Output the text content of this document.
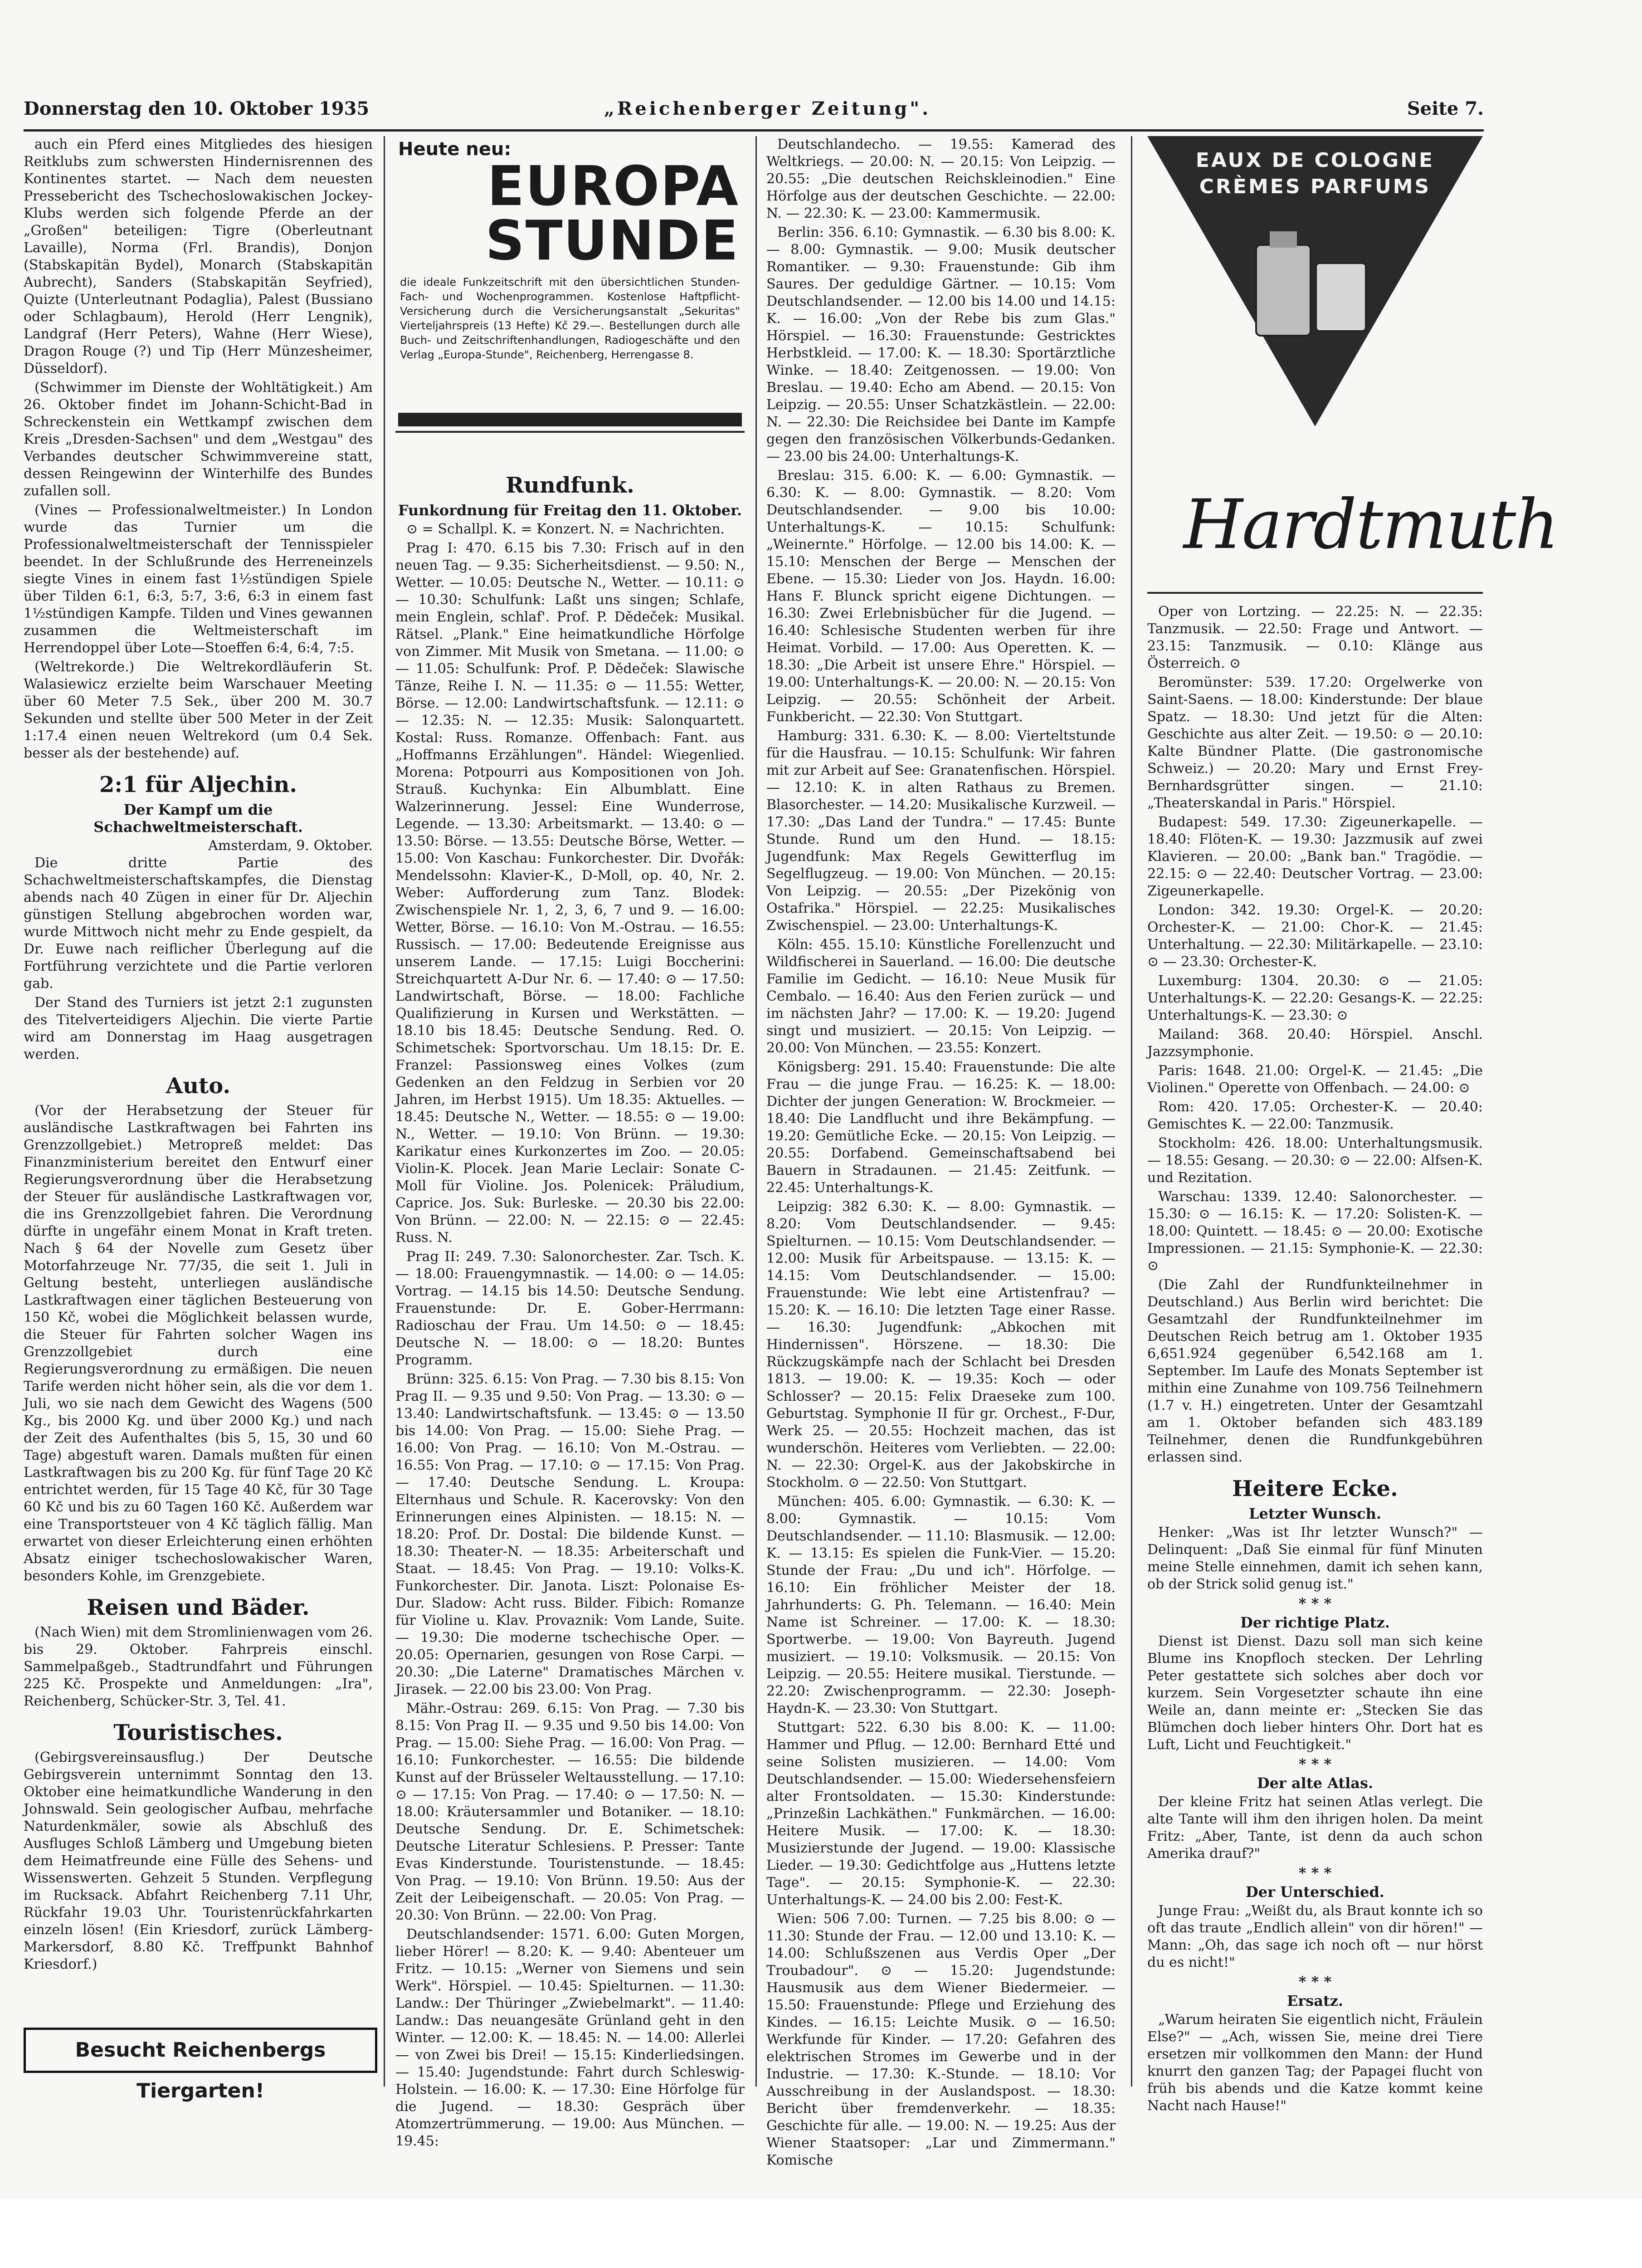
Donnerstag den 10. Oktober 1935	„Reichenberger Zeitung".	Seite 7.

auch ein Pferd eines Mitgliedes des hiesigen Reitklubs zum schwersten Hindernisrennen des Kontinentes startet. — Nach dem neuesten Pressebericht des Tschechoslowakischen Jockey-Klubs werden sich folgende Pferde an der „Großen" beteiligen: Tigre (Oberleutnant Lavaille), Norma (Frl. Brandis), Donjon (Stabskapitän Bydel), Monarch (Stabskapitän Aubrecht), Sanders (Stabskapitän Seyfried), Quizte (Unterleutnant Podaglia), Palest (Bussiano oder Schlagbaum), Herold (Herr Lengnik), Landgraf (Herr Peters), Wahne (Herr Wiese), Dragon Rouge (?) und Tip (Herr Münzesheimer, Düsseldorf).

(Schwimmer im Dienste der Wohltätigkeit.) Am 26. Oktober findet im Johann-Schicht-Bad in Schreckenstein ein Wettkampf zwischen dem Kreis „Dresden-Sachsen" und dem „Westgau" des Verbandes deutscher Schwimmvereine statt, dessen Reingewinn der Winterhilfe des Bundes zufallen soll.

(Vines — Professionalweltmeister.) In London wurde das Turnier um die Professionalweltmeisterschaft der Tennisspieler beendet. In der Schlußrunde des Herreneinzels siegte Vines in einem fast 1½stündigen Spiele über Tilden 6:1, 6:3, 5:7, 3:6, 6:3 in einem fast 1½stündigen Kampfe. Tilden und Vines gewannen zusammen die Weltmeisterschaft im Herrendoppel über Lote—Stoeffen 6:4, 6:4, 7:5.

(Weltrekorde.) Die Weltrekordläuferin St. Walasiewicz erzielte beim Warschauer Meeting über 60 Meter 7.5 Sek., über 200 M. 30.7 Sekunden und stellte über 500 Meter in der Zeit 1:17.4 einen neuen Weltrekord (um 0.4 Sek. besser als der bestehende) auf.

2:1 für Aljechin.
Der Kampf um die Schachweltmeisterschaft.

Amsterdam, 9. Oktober.

Die dritte Partie des Schachweltmeisterschaftskampfes, die Dienstag abends nach 40 Zügen in einer für Dr. Aljechin günstigen Stellung abgebrochen worden war, wurde Mittwoch nicht mehr zu Ende gespielt, da Dr. Euwe nach reiflicher Überlegung auf die Fortführung verzichtete und die Partie verloren gab.

Der Stand des Turniers ist jetzt 2:1 zugunsten des Titelverteidigers Aljechin. Die vierte Partie wird am Donnerstag im Haag ausgetragen werden.

Auto.

(Vor der Herabsetzung der Steuer für ausländische Lastkraftwagen bei Fahrten ins Grenzzollgebiet.) Metropreß meldet: Das Finanzministerium bereitet den Entwurf einer Regierungsverordnung über die Herabsetzung der Steuer für ausländische Lastkraftwagen vor, die ins Grenzzollgebiet fahren. Die Verordnung dürfte in ungefähr einem Monat in Kraft treten. Nach § 64 der Novelle zum Gesetz über Motorfahrzeuge Nr. 77/35, die seit 1. Juli in Geltung besteht, unterliegen ausländische Lastkraftwagen einer täglichen Besteuerung von 150 Kč, wobei die Möglichkeit belassen wurde, die Steuer für Fahrten solcher Wagen ins Grenzzollgebiet durch eine Regierungsverordnung zu ermäßigen. Die neuen Tarife werden nicht höher sein, als die vor dem 1. Juli, wo sie nach dem Gewicht des Wagens (500 Kg., bis 2000 Kg. und über 2000 Kg.) und nach der Zeit des Aufenthaltes (bis 5, 15, 30 und 60 Tage) abgestuft waren. Damals mußten für einen Lastkraftwagen bis zu 200 Kg. für fünf Tage 20 Kč entrichtet werden, für 15 Tage 40 Kč, für 30 Tage 60 Kč und bis zu 60 Tagen 160 Kč. Außerdem war eine Transportsteuer von 4 Kč täglich fällig. Man erwartet von dieser Erleichterung einen erhöhten Absatz einiger tschechoslowakischer Waren, besonders Kohle, im Grenzgebiete.

Reisen und Bäder.

(Nach Wien) mit dem Stromlinienwagen vom 26. bis 29. Oktober. Fahrpreis einschl. Sammelpaßgeb., Stadtrundfahrt und Führungen 225 Kč. Prospekte und Anmeldungen: „Ira", Reichenberg, Schücker-Str. 3, Tel. 41.

Touristisches.

(Gebirgsvereinsausflug.) Der Deutsche Gebirgsverein unternimmt Sonntag den 13. Oktober eine heimatkundliche Wanderung in den Johnswald. Sein geologischer Aufbau, mehrfache Naturdenkmäler, sowie als Abschluß des Ausfluges Schloß Lämberg und Umgebung bieten dem Heimatfreunde eine Fülle des Sehens- und Wissenswerten. Gehzeit 5 Stunden. Verpflegung im Rucksack. Abfahrt Reichenberg 7.11 Uhr, Rückfahr 19.03 Uhr. Touristenrückfahrkarten einzeln lösen! (Ein Kriesdorf, zurück Lämberg-Markersdorf, 8.80 Kč. Treffpunkt Bahnhof Kriesdorf.)

Besucht Reichenbergs Tiergarten!
Heute neu:
EUROPA
STUNDE
die ideale Funkzeitschrift mit den übersichtlichen Stunden-Fach- und Wochenprogrammen. Kostenlose Haftpflicht-Versicherung durch die Versicherungsanstalt „Sekuritas" Vierteljahrspreis (13 Hefte) Kč 29.—. Bestellungen durch alle Buch- und Zeitschriftenhandlungen, Radiogeschäfte und den Verlag „Europa-Stunde", Reichenberg, Herrengasse 8.
Rundfunk.
Funkordnung für Freitag den 11. Oktober.

⊙ = Schallpl. K. = Konzert. N. = Nachrichten.

Prag I: 470. 6.15 bis 7.30: Frisch auf in den neuen Tag. — 9.35: Sicherheitsdienst. — 9.50: N., Wetter. — 10.05: Deutsche N., Wetter. — 10.11: ⊙ — 10.30: Schulfunk: Laßt uns singen; Schlafe, mein Englein, schlaf'. Prof. P. Dědeček: Musikal. Rätsel. „Plank." Eine heimatkundliche Hörfolge von Zimmer. Mit Musik von Smetana. — 11.00: ⊙ — 11.05: Schulfunk: Prof. P. Dědeček: Slawische Tänze, Reihe I. N. — 11.35: ⊙ — 11.55: Wetter, Börse. — 12.00: Landwirtschaftsfunk. — 12.11: ⊙ — 12.35: N. — 12.35: Musik: Salonquartett. Kostal: Russ. Romanze. Offenbach: Fant. aus „Hoffmanns Erzählungen". Händel: Wiegenlied. Morena: Potpourri aus Kompositionen von Joh. Strauß. Kuchynka: Ein Albumblatt. Eine Walzerinnerung. Jessel: Eine Wunderrose, Legende. — 13.30: Arbeitsmarkt. — 13.40: ⊙ — 13.50: Börse. — 13.55: Deutsche Börse, Wetter. — 15.00: Von Kaschau: Funkorchester. Dir. Dvořák: Mendelssohn: Klavier-K., D-Moll, op. 40, Nr. 2. Weber: Aufforderung zum Tanz. Blodek: Zwischenspiele Nr. 1, 2, 3, 6, 7 und 9. — 16.00: Wetter, Börse. — 16.10: Von M.-Ostrau. — 16.55: Russisch. — 17.00: Bedeutende Ereignisse aus unserem Lande. — 17.15: Luigi Boccherini: Streichquartett A-Dur Nr. 6. — 17.40: ⊙ — 17.50: Landwirtschaft, Börse. — 18.00: Fachliche Qualifizierung in Kursen und Werkstätten. — 18.10 bis 18.45: Deutsche Sendung. Red. O. Schimetschek: Sportvorschau. Um 18.15: Dr. E. Franzel: Passionsweg eines Volkes (zum Gedenken an den Feldzug in Serbien vor 20 Jahren, im Herbst 1915). Um 18.35: Aktuelles. — 18.45: Deutsche N., Wetter. — 18.55: ⊙ — 19.00: N., Wetter. — 19.10: Von Brünn. — 19.30: Karikatur eines Kurkonzertes im Zoo. — 20.05: Violin-K. Plocek. Jean Marie Leclair: Sonate C-Moll für Violine. Jos. Polenicek: Präludium, Caprice. Jos. Suk: Burleske. — 20.30 bis 22.00: Von Brünn. — 22.00: N. — 22.15: ⊙ — 22.45: Russ. N.

Prag II: 249. 7.30: Salonorchester. Zar. Tsch. K. — 18.00: Frauengymnastik. — 14.00: ⊙ — 14.05: Vortrag. — 14.15 bis 14.50: Deutsche Sendung. Frauenstunde: Dr. E. Gober-Herrmann: Radioschau der Frau. Um 14.50: ⊙ — 18.45: Deutsche N. — 18.00: ⊙ — 18.20: Buntes Programm.

Brünn: 325. 6.15: Von Prag. — 7.30 bis 8.15: Von Prag II. — 9.35 und 9.50: Von Prag. — 13.30: ⊙ — 13.40: Landwirtschaftsfunk. — 13.45: ⊙ — 13.50 bis 14.00: Von Prag. — 15.00: Siehe Prag. — 16.00: Von Prag. — 16.10: Von M.-Ostrau. — 16.55: Von Prag. — 17.10: ⊙ — 17.15: Von Prag. — 17.40: Deutsche Sendung. L. Kroupa: Elternhaus und Schule. R. Kacerovsky: Von den Erinnerungen eines Alpinisten. — 18.15: N. — 18.20: Prof. Dr. Dostal: Die bildende Kunst. — 18.30: Theater-N. — 18.35: Arbeiterschaft und Staat. — 18.45: Von Prag. — 19.10: Volks-K. Funkorchester. Dir. Janota. Liszt: Polonaise Es-Dur. Sladow: Acht russ. Bilder. Fibich: Romanze für Violine u. Klav. Provaznik: Vom Lande, Suite. — 19.30: Die moderne tschechische Oper. — 20.05: Opernarien, gesungen von Rose Carpi. — 20.30: „Die Laterne" Dramatisches Märchen v. Jirasek. — 22.00 bis 23.00: Von Prag.

Mähr.-Ostrau: 269. 6.15: Von Prag. — 7.30 bis 8.15: Von Prag II. — 9.35 und 9.50 bis 14.00: Von Prag. — 15.00: Siehe Prag. — 16.00: Von Prag. — 16.10: Funkorchester. — 16.55: Die bildende Kunst auf der Brüsseler Weltausstellung. — 17.10: ⊙ — 17.15: Von Prag. — 17.40: ⊙ — 17.50: N. — 18.00: Kräutersammler und Botaniker. — 18.10: Deutsche Sendung. Dr. E. Schimetschek: Deutsche Literatur Schlesiens. P. Presser: Tante Evas Kinderstunde. Touristenstunde. — 18.45: Von Prag. — 19.10: Von Brünn. 19.50: Aus der Zeit der Leibeigenschaft. — 20.05: Von Prag. — 20.30: Von Brünn. — 22.00: Von Prag.

Deutschlandsender: 1571. 6.00: Guten Morgen, lieber Hörer! — 8.20: K. — 9.40: Abenteuer um Fritz. — 10.15: „Werner von Siemens und sein Werk". Hörspiel. — 10.45: Spielturnen. — 11.30: Landw.: Der Thüringer „Zwiebelmarkt". — 11.40: Landw.: Das neuangesäte Grünland geht in den Winter. — 12.00: K. — 18.45: N. — 14.00: Allerlei — von Zwei bis Drei! — 15.15: Kinderliedsingen. — 15.40: Jugendstunde: Fahrt durch Schleswig-Holstein. — 16.00: K. — 17.30: Eine Hörfolge für die Jugend. — 18.30: Gespräch über Atomzertrümmerung. — 19.00: Aus München. — 19.45:

Deutschlandecho. — 19.55: Kamerad des Weltkriegs. — 20.00: N. — 20.15: Von Leipzig. — 20.55: „Die deutschen Reichskleinodien." Eine Hörfolge aus der deutschen Geschichte. — 22.00: N. — 22.30: K. — 23.00: Kammermusik.

Berlin: 356. 6.10: Gymnastik. — 6.30 bis 8.00: K. — 8.00: Gymnastik. — 9.00: Musik deutscher Romantiker. — 9.30: Frauenstunde: Gib ihm Saures. Der geduldige Gärtner. — 10.15: Vom Deutschlandsender. — 12.00 bis 14.00 und 14.15: K. — 16.00: „Von der Rebe bis zum Glas." Hörspiel. — 16.30: Frauenstunde: Gestricktes Herbstkleid. — 17.00: K. — 18.30: Sportärztliche Winke. — 18.40: Zeitgenossen. — 19.00: Von Breslau. — 19.40: Echo am Abend. — 20.15: Von Leipzig. — 20.55: Unser Schatzkästlein. — 22.00: N. — 22.30: Die Reichsidee bei Dante im Kampfe gegen den französischen Völkerbunds-Gedanken. — 23.00 bis 24.00: Unterhaltungs-K.

Breslau: 315. 6.00: K. — 6.00: Gymnastik. — 6.30: K. — 8.00: Gymnastik. — 8.20: Vom Deutschlandsender. — 9.00 bis 10.00: Unterhaltungs-K. — 10.15: Schulfunk: „Weinernte." Hörfolge. — 12.00 bis 14.00: K. — 15.10: Menschen der Berge — Menschen der Ebene. — 15.30: Lieder von Jos. Haydn. 16.00: Hans F. Blunck spricht eigene Dichtungen. — 16.30: Zwei Erlebnisbücher für die Jugend. — 16.40: Schlesische Studenten werben für ihre Heimat. Vorbild. — 17.00: Aus Operetten. K. — 18.30: „Die Arbeit ist unsere Ehre." Hörspiel. — 19.00: Unterhaltungs-K. — 20.00: N. — 20.15: Von Leipzig. — 20.55: Schönheit der Arbeit. Funkbericht. — 22.30: Von Stuttgart.

Hamburg: 331. 6.30: K. — 8.00: Vierteltstunde für die Hausfrau. — 10.15: Schulfunk: Wir fahren mit zur Arbeit auf See: Granatenfischen. Hörspiel. — 12.10: K. in alten Rathaus zu Bremen. Blasorchester. — 14.20: Musikalische Kurzweil. — 17.30: „Das Land der Tundra." — 17.45: Bunte Stunde. Rund um den Hund. — 18.15: Jugendfunk: Max Regels Gewitterflug im Segelflugzeug. — 19.00: Von München. — 20.15: Von Leipzig. — 20.55: „Der Pizekönig von Ostafrika." Hörspiel. — 22.25: Musikalisches Zwischenspiel. — 23.00: Unterhaltungs-K.

Köln: 455. 15.10: Künstliche Forellenzucht und Wildfischerei in Sauerland. — 16.00: Die deutsche Familie im Gedicht. — 16.10: Neue Musik für Cembalo. — 16.40: Aus den Ferien zurück — und im nächsten Jahr? — 17.00: K. — 19.20: Jugend singt und musiziert. — 20.15: Von Leipzig. — 20.00: Von München. — 23.55: Konzert.

Königsberg: 291. 15.40: Frauenstunde: Die alte Frau — die junge Frau. — 16.25: K. — 18.00: Dichter der jungen Generation: W. Brockmeier. — 18.40: Die Landflucht und ihre Bekämpfung. — 19.20: Gemütliche Ecke. — 20.15: Von Leipzig. — 20.55: Dorfabend. Gemeinschaftsabend bei Bauern in Stradaunen. — 21.45: Zeitfunk. — 22.45: Unterhaltungs-K.

Leipzig: 382 6.30: K. — 8.00: Gymnastik. — 8.20: Vom Deutschlandsender. — 9.45: Spielturnen. — 10.15: Vom Deutschlandsender. — 12.00: Musik für Arbeitspause. — 13.15: K. — 14.15: Vom Deutschlandsender. — 15.00: Frauenstunde: Wie lebt eine Artistenfrau? — 15.20: K. — 16.10: Die letzten Tage einer Rasse. — 16.30: Jugendfunk: „Abkochen mit Hindernissen". Hörszene. — 18.30: Die Rückzugskämpfe nach der Schlacht bei Dresden 1813. — 19.00: K. — 19.35: Koch — oder Schlosser? — 20.15: Felix Draeseke zum 100. Geburtstag. Symphonie II für gr. Orchest., F-Dur, Werk 25. — 20.55: Hochzeit machen, das ist wunderschön. Heiteres vom Verliebten. — 22.00: N. — 22.30: Orgel-K. aus der Jakobskirche in Stockholm. ⊙ — 22.50: Von Stuttgart.

München: 405. 6.00: Gymnastik. — 6.30: K. — 8.00: Gymnastik. — 10.15: Vom Deutschlandsender. — 11.10: Blasmusik. — 12.00: K. — 13.15: Es spielen die Funk-Vier. — 15.20: Stunde der Frau: „Du und ich". Hörfolge. — 16.10: Ein fröhlicher Meister der 18. Jahrhunderts: G. Ph. Telemann. — 16.40: Mein Name ist Schreiner. — 17.00: K. — 18.30: Sportwerbe. — 19.00: Von Bayreuth. Jugend musiziert. — 19.10: Volksmusik. — 20.15: Von Leipzig. — 20.55: Heitere musikal. Tierstunde. — 22.20: Zwischenprogramm. — 22.30: Joseph-Haydn-K. — 23.30: Von Stuttgart.

Stuttgart: 522. 6.30 bis 8.00: K. — 11.00: Hammer und Pflug. — 12.00: Bernhard Etté und seine Solisten musizieren. — 14.00: Vom Deutschlandsender. — 15.00: Wiedersehensfeiern alter Frontsoldaten. — 15.30: Kinderstunde: „Prinzeßin Lachkäthen." Funkmärchen. — 16.00: Heitere Musik. — 17.00: K. — 18.30: Musizierstunde der Jugend. — 19.00: Klassische Lieder. — 19.30: Gedichtfolge aus „Huttens letzte Tage". — 20.15: Symphonie-K. — 22.30: Unterhaltungs-K. — 24.00 bis 2.00: Fest-K.

Wien: 506 7.00: Turnen. — 7.25 bis 8.00: ⊙ — 11.30: Stunde der Frau. — 12.00 und 13.10: K. — 14.00: Schlußszenen aus Verdis Oper „Der Troubadour". ⊙ — 15.20: Jugendstunde: Hausmusik aus dem Wiener Biedermeier. — 15.50: Frauenstunde: Pflege und Erziehung des Kindes. — 16.15: Leichte Musik. ⊙ — 16.50: Werkfunde für Kinder. — 17.20: Gefahren des elektrischen Stromes im Gewerbe und in der Industrie. — 17.30: K.-Stunde. — 18.10: Vor Ausschreibung in der Auslandspost. — 18.30: Bericht über fremdenverkehr. — 18.35: Geschichte für alle. — 19.00: N. — 19.25: Aus der Wiener Staatsoper: „Lar und Zimmermann." Komische

EAUX DE COLOGNE
CRÈMES PARFUMS
Hardtmuth

Oper von Lortzing. — 22.25: N. — 22.35: Tanzmusik. — 22.50: Frage und Antwort. — 23.15: Tanzmusik. — 0.10: Klänge aus Österreich. ⊙

Beromünster: 539. 17.20: Orgelwerke von Saint-Saens. — 18.00: Kinderstunde: Der blaue Spatz. — 18.30: Und jetzt für die Alten: Geschichte aus alter Zeit. — 19.50: ⊙ — 20.10: Kalte Bündner Platte. (Die gastronomische Schweiz.) — 20.20: Mary und Ernst Frey-Bernhardsgrütter singen. — 21.10: „Theaterskandal in Paris." Hörspiel.

Budapest: 549. 17.30: Zigeunerkapelle. — 18.40: Flöten-K. — 19.30: Jazzmusik auf zwei Klavieren. — 20.00: „Bank ban." Tragödie. — 22.15: ⊙ — 22.40: Deutscher Vortrag. — 23.00: Zigeunerkapelle.

London: 342. 19.30: Orgel-K. — 20.20: Orchester-K. — 21.00: Chor-K. — 21.45: Unterhaltung. — 22.30: Militärkapelle. — 23.10: ⊙ — 23.30: Orchester-K.

Luxemburg: 1304. 20.30: ⊙ — 21.05: Unterhaltungs-K. — 22.20: Gesangs-K. — 22.25: Unterhaltungs-K. — 23.30: ⊙

Mailand: 368. 20.40: Hörspiel. Anschl. Jazzsymphonie.

Paris: 1648. 21.00: Orgel-K. — 21.45: „Die Violinen." Operette von Offenbach. — 24.00: ⊙

Rom: 420. 17.05: Orchester-K. — 20.40: Gemischtes K. — 22.00: Tanzmusik.

Stockholm: 426. 18.00: Unterhaltungsmusik. — 18.55: Gesang. — 20.30: ⊙ — 22.00: Alfsen-K. und Rezitation.

Warschau: 1339. 12.40: Salonorchester. — 15.30: ⊙ — 16.15: K. — 17.20: Solisten-K. — 18.00: Quintett. — 18.45: ⊙ — 20.00: Exotische Impressionen. — 21.15: Symphonie-K. — 22.30: ⊙

(Die Zahl der Rundfunkteilnehmer in Deutschland.) Aus Berlin wird berichtet: Die Gesamtzahl der Rundfunkteilnehmer im Deutschen Reich betrug am 1. Oktober 1935 6,651.924 gegenüber 6,542.168 am 1. September. Im Laufe des Monats September ist mithin eine Zunahme von 109.756 Teilnehmern (1.7 v. H.) eingetreten. Unter der Gesamtzahl am 1. Oktober befanden sich 483.189 Teilnehmer, denen die Rundfunkgebühren erlassen sind.

Heitere Ecke.
Letzter Wunsch.

Henker: „Was ist Ihr letzter Wunsch?" — Delinquent: „Daß Sie einmal für fünf Minuten meine Stelle einnehmen, damit ich sehen kann, ob der Strick solid genug ist."

* * *
Der richtige Platz.

Dienst ist Dienst. Dazu soll man sich keine Blume ins Knopfloch stecken. Der Lehrling Peter gestattete sich solches aber doch vor kurzem. Sein Vorgesetzter schaute ihn eine Weile an, dann meinte er: „Stecken Sie das Blümchen doch lieber hinters Ohr. Dort hat es Luft, Licht und Feuchtigkeit."

* * *
Der alte Atlas.

Der kleine Fritz hat seinen Atlas verlegt. Die alte Tante will ihm den ihrigen holen. Da meint Fritz: „Aber, Tante, ist denn da auch schon Amerika drauf?"

* * *
Der Unterschied.

Junge Frau: „Weißt du, als Braut konnte ich so oft das traute „Endlich allein" von dir hören!" — Mann: „Oh, das sage ich noch oft — nur hörst du es nicht!"

* * *
Ersatz.

„Warum heiraten Sie eigentlich nicht, Fräulein Else?" — „Ach, wissen Sie, meine drei Tiere ersetzen mir vollkommen den Mann: der Hund knurrt den ganzen Tag; der Papagei flucht von früh bis abends und die Katze kommt keine Nacht nach Hause!"
